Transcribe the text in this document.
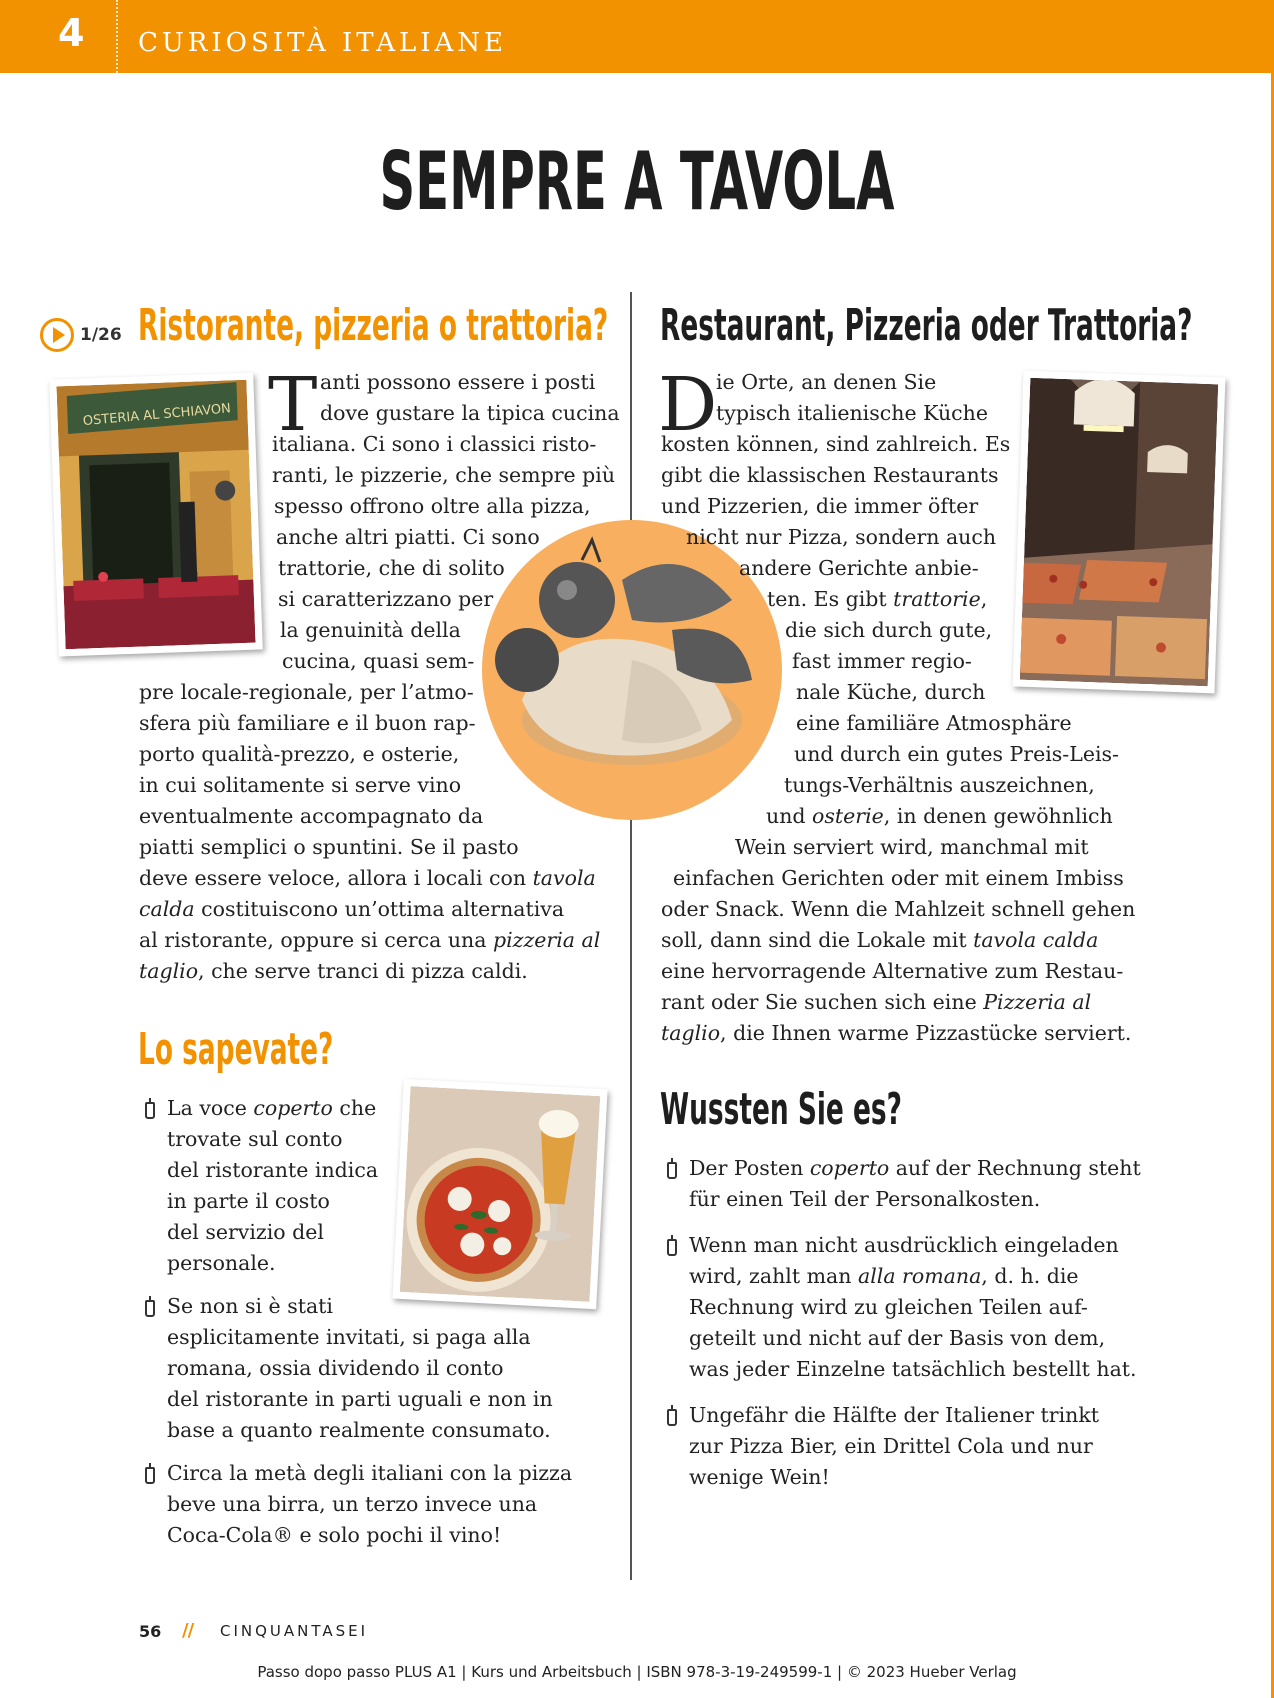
4 CURIOSITÀ ITALIANE
SEMPRE A TAVOLA
1/26 Ristorante, pizzeria o trattoria?
OSTERIA AL SCHIAVON T anti possono essere i posti
dove gustare la tipica cucina
italiana. Ci sono i classici risto-
ranti, le pizzerie, che sempre più
spesso offrono oltre alla pizza,
anche altri piatti. Ci sono
trattorie, che di solito
si caratterizzano per
la genuinità della
cucina, quasi sem-
pre locale-regionale, per l’atmo-
sfera più familiare e il buon rap-
porto qualità-prezzo, e osterie,
in cui solitamente si serve vino
eventualmente accompagnato da
piatti semplici o spuntini. Se il pasto
deve essere veloce, allora i locali con tavola
calda costituiscono un’ottima alternativa
al ristorante, oppure si cerca una pizzeria al
taglio, che serve tranci di pizza caldi.
Restaurant, Pizzeria oder Trattoria?
D
ie Orte, an denen Sie
typisch italienische Küche
kosten können, sind zahlreich. Es
gibt die klassischen Restaurants
und Pizzerien, die immer öfter
nicht nur Pizza, sondern auch
andere Gerichte anbie-
ten. Es gibt trattorie,
die sich durch gute,
fast immer regio-
nale Küche, durch
eine familiäre Atmosphäre
und durch ein gutes Preis-Leis-
tungs-Verhältnis auszeichnen,
und osterie, in denen gewöhnlich
Wein serviert wird, manchmal mit
einfachen Gerichten oder mit einem Imbiss
oder Snack. Wenn die Mahlzeit schnell gehen
soll, dann sind die Lokale mit tavola calda
eine hervorragende Alternative zum Restau-
rant oder Sie suchen sich eine Pizzeria al
taglio, die Ihnen warme Pizzastücke serviert.
Lo sapevate?
La voce coperto che
trovate sul conto
del ristorante indica
in parte il costo
del servizio del
personale.
Se non si è stati
esplicitamente invitati, si paga alla
romana, ossia dividendo il conto
del ristorante in parti uguali e non in
base a quanto realmente consumato.
Circa la metà degli italiani con la pizza
beve una birra, un terzo invece una
Coca-Cola® e solo pochi il vino!
Wussten Sie es?
Der Posten coperto auf der Rechnung steht
für einen Teil der Personalkosten.
Wenn man nicht ausdrücklich eingeladen
wird, zahlt man alla romana, d. h. die
Rechnung wird zu gleichen Teilen auf-
geteilt und nicht auf der Basis von dem,
was jeder Einzelne tatsächlich bestellt hat.
Ungefähr die Hälfte der Italiener trinkt
zur Pizza Bier, ein Drittel Cola und nur
wenige Wein!
56 // CINQUANTASEI
Passo dopo passo PLUS A1 | Kurs und Arbeitsbuch | ISBN 978-3-19-249599-1 | © 2023 Hueber Verlag
